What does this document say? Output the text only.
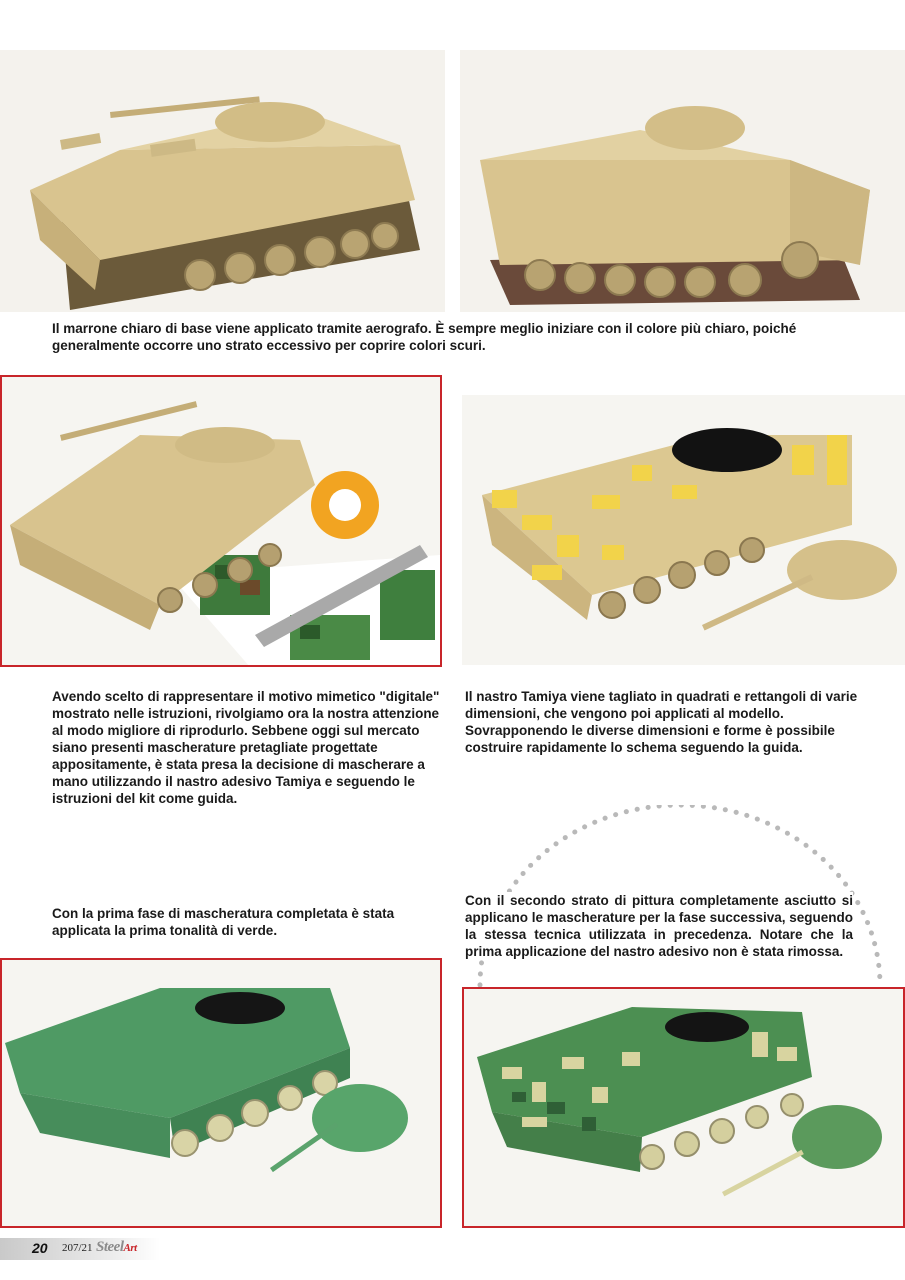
Il marrone chiaro di base viene applicato tramite aerografo. È sempre meglio iniziare con il colore più chiaro, poiché generalmente occorre uno strato eccessivo per coprire colori scuri.

Avendo scelto di rappresentare il motivo mimetico "digitale" mostrato nelle istruzioni, rivolgiamo ora la nostra attenzione al modo migliore di riprodurlo. Sebbene oggi sul mercato siano presenti mascherature pretagliate progettate appositamente, è stata presa la decisione di mascherare a mano utilizzando il nastro adesivo Tamiya e seguendo le istruzioni del kit come guida.

Il nastro Tamiya viene tagliato in quadrati e rettangoli di varie dimensioni, che vengono poi applicati al modello. Sovrapponendo le diverse dimensioni e forme è possibile costruire rapidamente lo schema seguendo la guida.

Con la prima fase di mascheratura completata è stata applicata la prima tonalità di verde.

Con il secondo strato di pittura completamente asciutto si applicano le mascherature per la fase successiva, seguendo la stessa tecnica utilizzata in precedenza. Notare che la prima applicazione del nastro adesivo non è stata rimossa.

20 207/21 SteelArt
